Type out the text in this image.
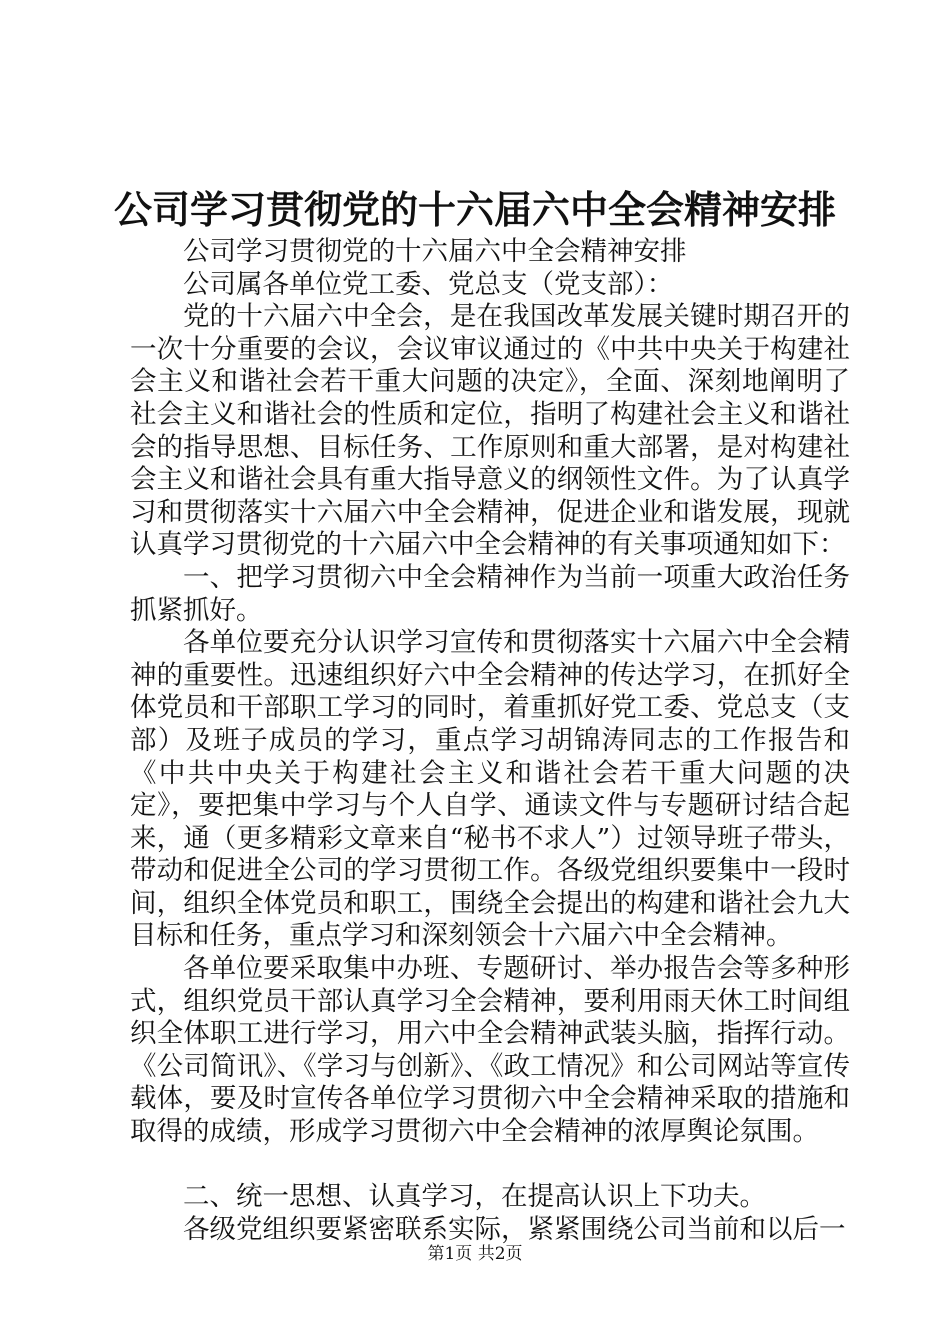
公司学习贯彻党的十六届六中全会精神安排

公司学习贯彻党的十六届六中全会精神安排

公司属各单位党工委、党总支（党支部）：

党的十六届六中全会，是在我国改革发展关键时期召开的一次十分重要的会议，会议审议通过的《中共中央关于构建社会主义和谐社会若干重大问题的决定》，全面、深刻地阐明了社会主义和谐社会的性质和定位，指明了构建社会主义和谐社会的指导思想、目标任务、工作原则和重大部署，是对构建社会主义和谐社会具有重大指导意义的纲领性文件。为了认真学习和贯彻落实十六届六中全会精神，促进企业和谐发展，现就认真学习贯彻党的十六届六中全会精神的有关事项通知如下：

一、把学习贯彻六中全会精神作为当前一项重大政治任务抓紧抓好。

各单位要充分认识学习宣传和贯彻落实十六届六中全会精神的重要性。迅速组织好六中全会精神的传达学习，在抓好全体党员和干部职工学习的同时，着重抓好党工委、党总支（支部）及班子成员的学习，重点学习胡锦涛同志的工作报告和《中共中央关于构建社会主义和谐社会若干重大问题的决定》，要把集中学习与个人自学、通读文件与专题研讨结合起来，通（更多精彩文章来自“秘书不求人”）过领导班子带头，带动和促进全公司的学习贯彻工作。各级党组织要集中一段时间，组织全体党员和职工，围绕全会提出的构建和谐社会九大目标和任务，重点学习和深刻领会十六届六中全会精神。

各单位要采取集中办班、专题研讨、举办报告会等多种形式，组织党员干部认真学习全会精神，要利用雨天休工时间组织全体职工进行学习，用六中全会精神武装头脑，指挥行动。《公司简讯》、《学习与创新》、《政工情况》和公司网站等宣传载体，要及时宣传各单位学习贯彻六中全会精神采取的措施和取得的成绩，形成学习贯彻六中全会精神的浓厚舆论氛围。

二、统一思想、认真学习，在提高认识上下功夫。

各级党组织要紧密联系实际，紧紧围绕公司当前和以后一

第1页 共2页
